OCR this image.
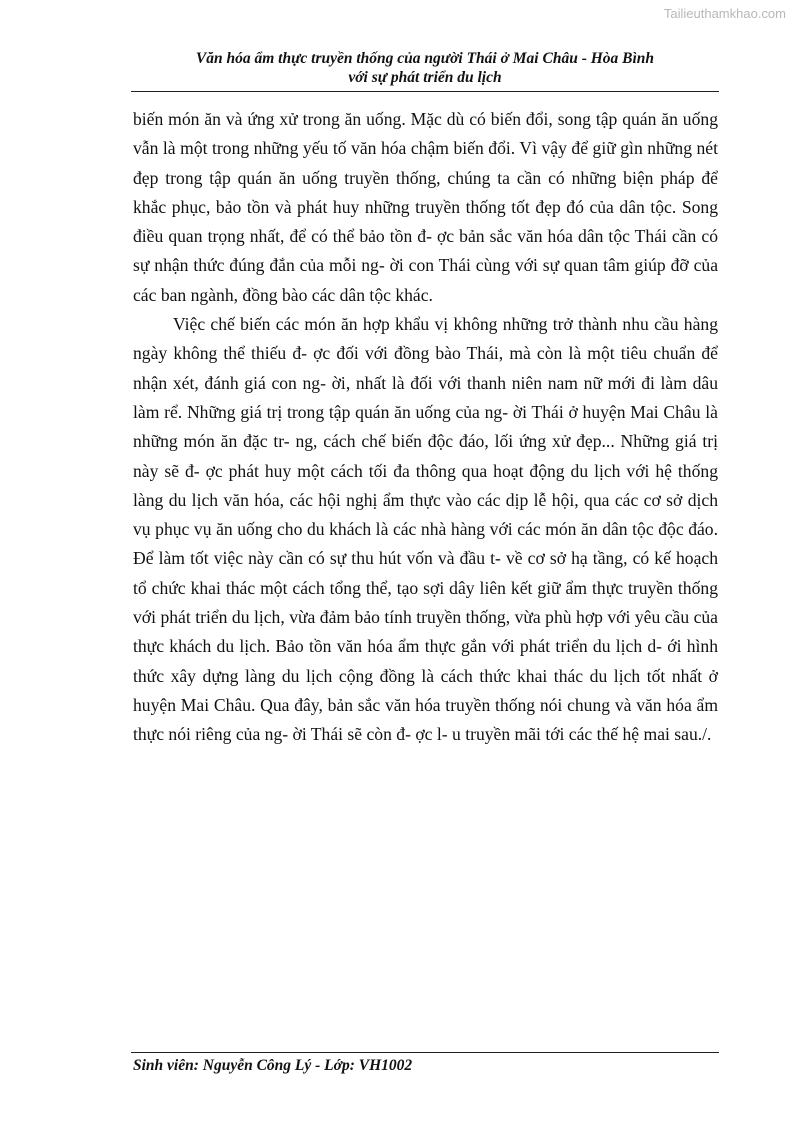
Tailieuthamkhao.com
Văn hóa ẩm thực truyền thống của người Thái ở Mai Châu - Hòa Bình
với sự phát triển du lịch

biến món ăn và ứng xử trong ăn uống. Mặc dù có biến đổi, song tập quán ăn uống vẫn là một trong những yếu tố văn hóa chậm biến đổi. Vì vậy để giữ gìn những nét đẹp trong tập quán ăn uống truyền thống, chúng ta cần có những biện pháp để khắc phục, bảo tồn và phát huy những truyền thống tốt đẹp đó của dân tộc. Song điều quan trọng nhất, để có thể bảo tồn đ- ợc bản sắc văn hóa dân tộc Thái cần có sự nhận thức đúng đắn của mỗi ng- ời con Thái cùng với sự quan tâm giúp đỡ của các ban ngành, đồng bào các dân tộc khác.

Việc chế biến các món ăn hợp khẩu vị không những trở thành nhu cầu hàng ngày không thể thiếu đ- ợc đối với đồng bào Thái, mà còn là một tiêu chuẩn để nhận xét, đánh giá con ng- ời, nhất là đối với thanh niên nam nữ mới đi làm dâu làm rể. Những giá trị trong tập quán ăn uống của ng- ời Thái ở huyện Mai Châu là những món ăn đặc tr- ng, cách chế biến độc đáo, lối ứng xử đẹp... Những giá trị này sẽ đ- ợc phát huy một cách tối đa thông qua hoạt động du lịch với hệ thống làng du lịch văn hóa, các hội nghị ẩm thực vào các dịp lễ hội, qua các cơ sở dịch vụ phục vụ ăn uống cho du khách là các nhà hàng với các món ăn dân tộc độc đáo. Để làm tốt việc này cần có sự thu hút vốn và đầu t- về cơ sở hạ tầng, có kế hoạch tổ chức khai thác một cách tổng thể, tạo sợi dây liên kết giữ ẩm thực truyền thống với phát triển du lịch, vừa đảm bảo tính truyền thống, vừa phù hợp với yêu cầu của thực khách du lịch. Bảo tồn văn hóa ẩm thực gắn với phát triển du lịch d- ới hình thức xây dựng làng du lịch cộng đồng là cách thức khai thác du lịch tốt nhất ở huyện Mai Châu. Qua đây, bản sắc văn hóa truyền thống nói chung và văn hóa ẩm thực nói riêng của ng- ời Thái sẽ còn đ- ợc l- u truyền mãi tới các thế hệ mai sau./.

Sinh viên: Nguyễn Công Lý - Lớp: VH1002
